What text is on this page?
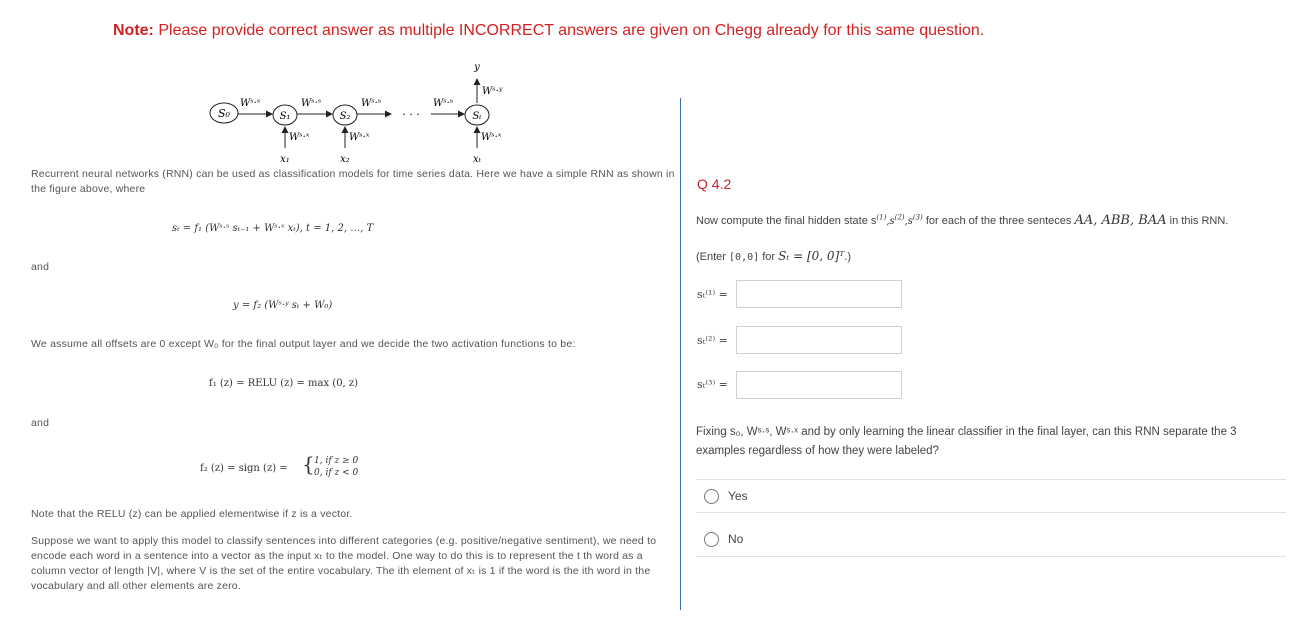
Note: Please provide correct answer as multiple INCORRECT answers are given on Chegg already for this same question.
S₀	S₁	S₂	Sₜ
· · ·
Wˢ·ˢ	Wˢ·ˢ	Wˢ·ˢ	Wˢ·ˢ
Wˢ·ˣ	Wˢ·ˣ	Wˢ·ˣ
x₁	x₂	xₜ
Wˢ·ʸ
y
Recurrent neural networks (RNN) can be used as classification models for time series data. Here we have a simple RNN as shown in the figure above, where
sₜ = f₁ (Wˢ·ˢ sₜ₋₁ + Wˢ·ˣ xₜ), t = 1, 2, …, T
and
y = f₂ (Wˢ·ʸ sₜ + W₀)
We assume all offsets are 0 except W₀ for the final output layer and we decide the two activation functions to be:
f₁ (z) = RELU (z) = max (0, z)
and
f₂ (z) = sign (z) = { 1, if z ≥ 0
0, if z < 0
Note that the RELU (z) can be applied elementwise if z is a vector.
Suppose we want to apply this model to classify sentences into different categories (e.g. positive/negative sentiment), we need to encode each word in a sentence into a vector as the input xₜ to the model. One way to do this is to represent the t th word as a column vector of length |V|, where V is the set of the entire vocabulary. The ith element of xₜ is 1 if the word is the ith word in the vocabulary and all other elements are zero.
Q 4.2
Now compute the final hidden state $s^{(1)},s^{(2)},s^{(3)}$ for each of the three senteces AA, ABB, BAA in this RNN.
(Enter [0,0] for Sₜ = [0, 0]ᵀ.)
sₜ⁽¹⁾ =
sₜ⁽²⁾ =
sₜ⁽³⁾ =
Fixing s₀, Wˢ·ˢ, Wˢ·ˣ and by only learning the linear classifier in the final layer, can this RNN separate the 3 examples regardless of how they were labeled?
Yes
No
